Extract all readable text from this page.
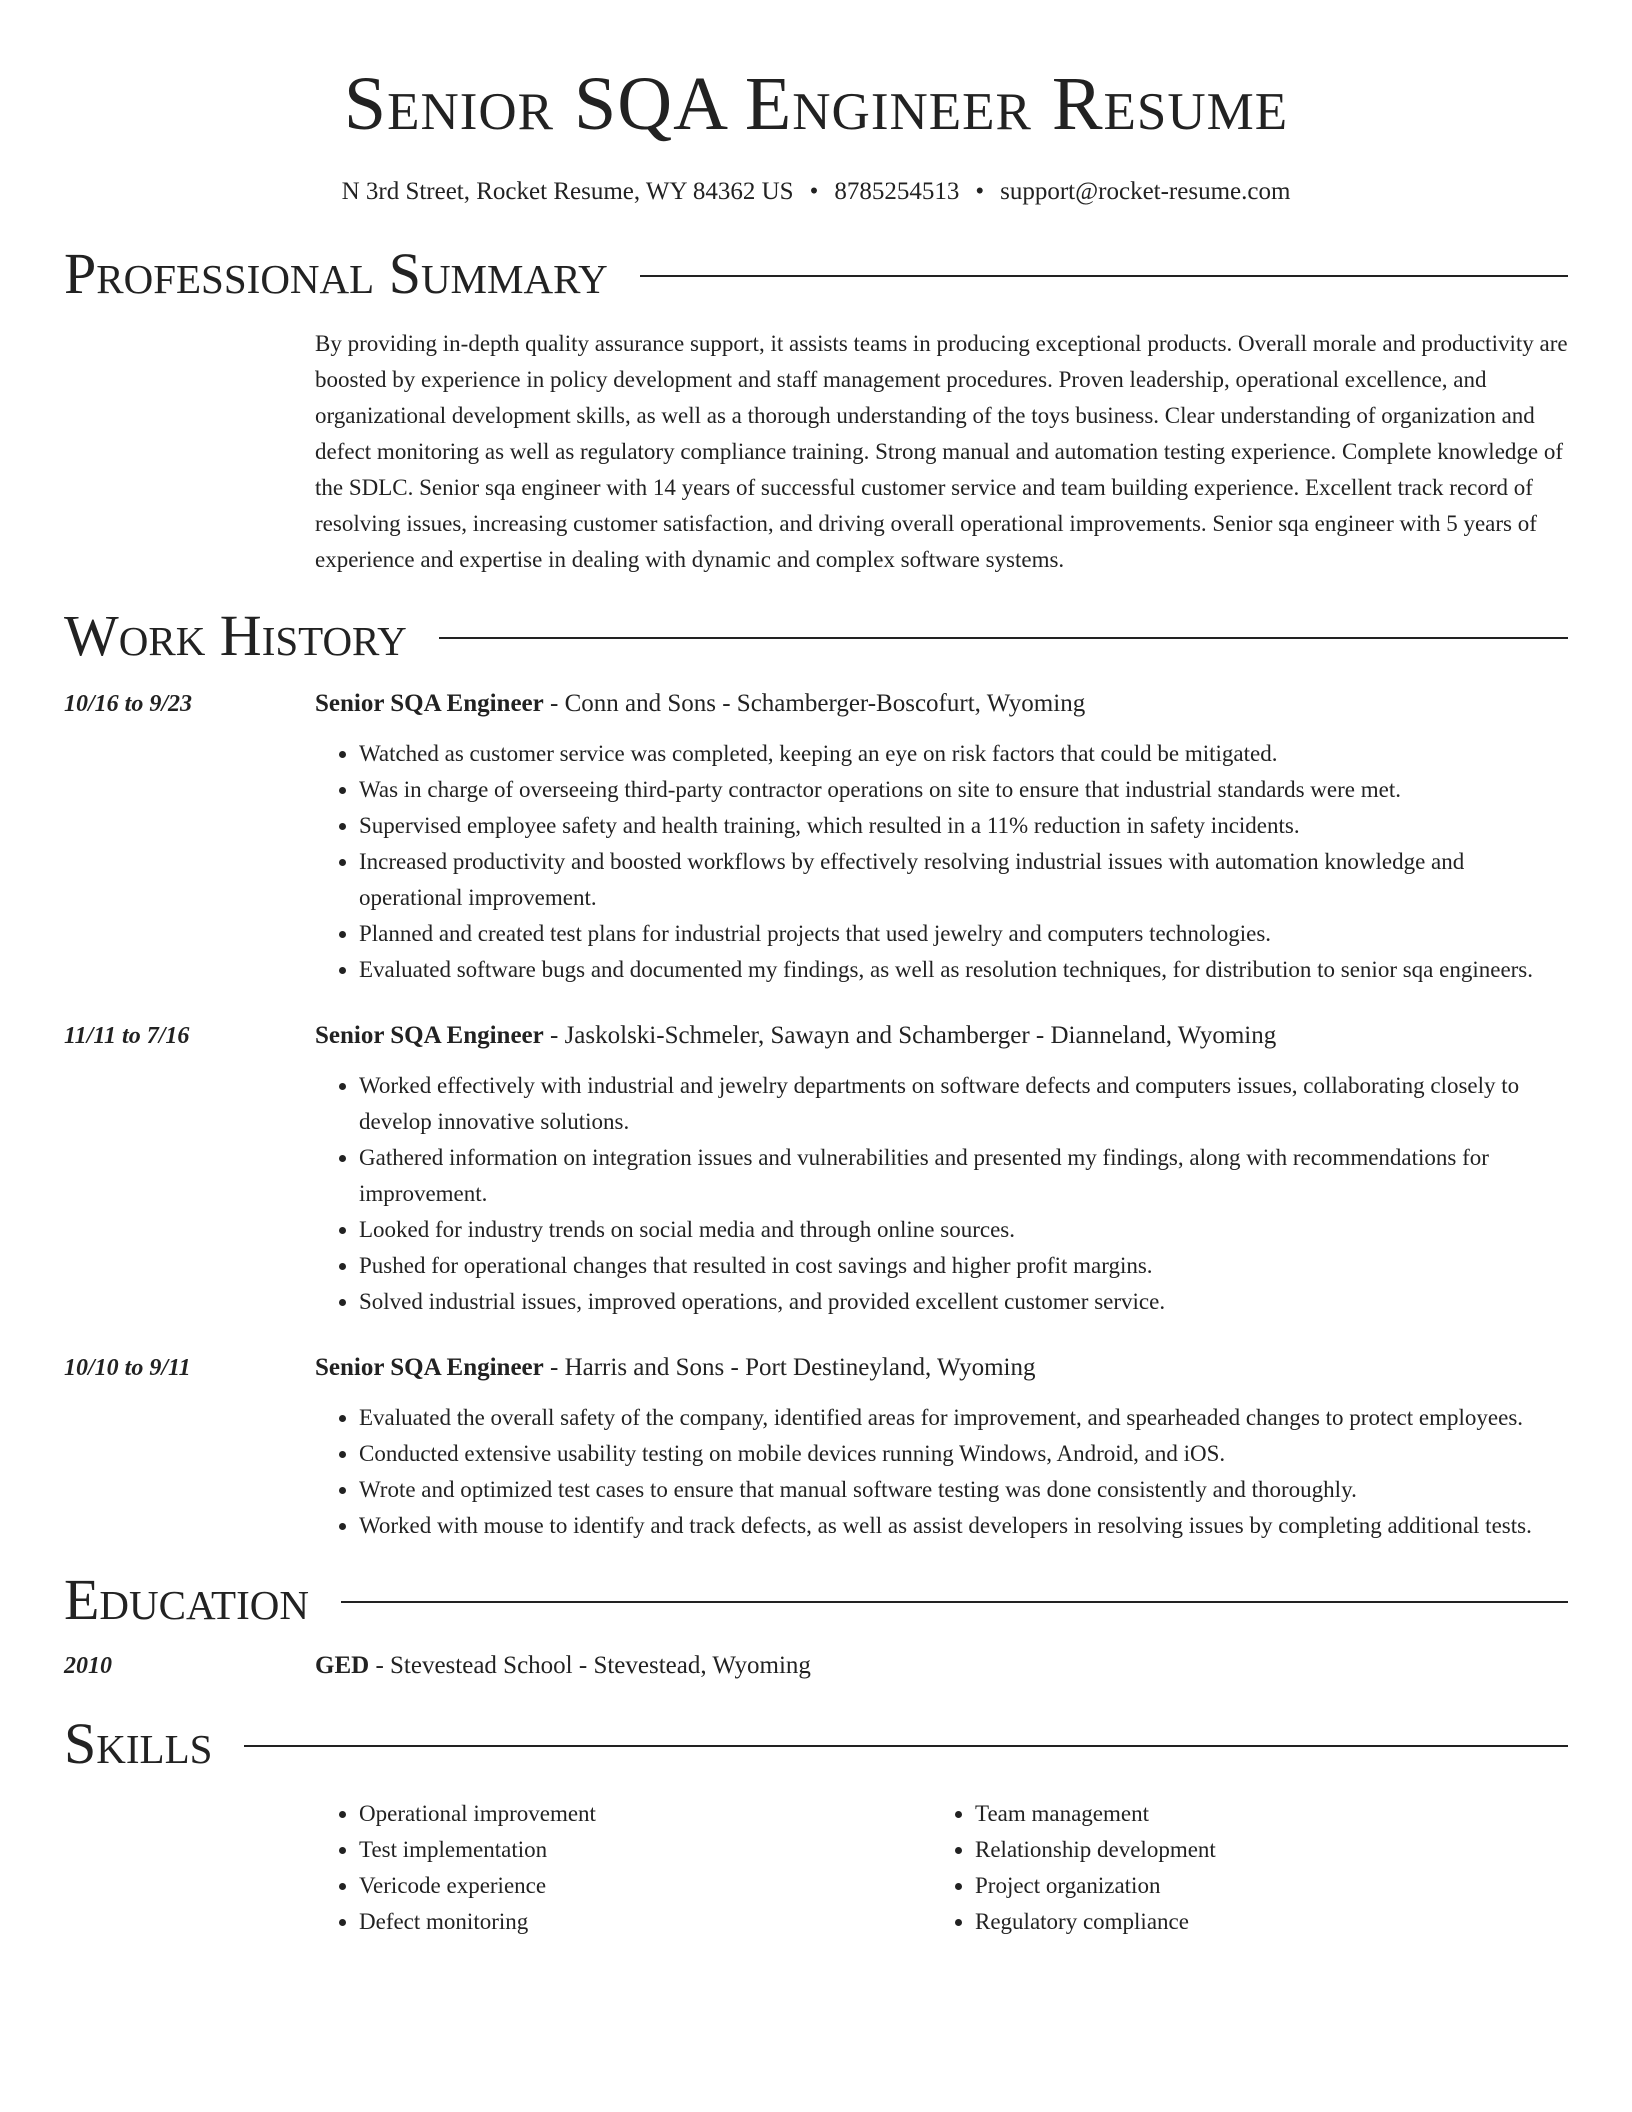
Senior SQA Engineer Resume
N 3rd Street, Rocket Resume, WY 84362 US • 8785254513 • support@rocket-resume.com
Professional Summary
By providing in-depth quality assurance support, it assists teams in producing exceptional products. Overall morale and productivity are boosted by experience in policy development and staff management procedures. Proven leadership, operational excellence, and organizational development skills, as well as a thorough understanding of the toys business. Clear understanding of organization and defect monitoring as well as regulatory compliance training. Strong manual and automation testing experience. Complete knowledge of the SDLC. Senior sqa engineer with 14 years of successful customer service and team building experience. Excellent track record of resolving issues, increasing customer satisfaction, and driving overall operational improvements. Senior sqa engineer with 5 years of experience and expertise in dealing with dynamic and complex software systems.
Work History
10/16 to 9/23	Senior SQA Engineer - Conn and Sons - Schamberger-Boscofurt, Wyoming
• Watched as customer service was completed, keeping an eye on risk factors that could be mitigated.
• Was in charge of overseeing third-party contractor operations on site to ensure that industrial standards were met.
• Supervised employee safety and health training, which resulted in a 11% reduction in safety incidents.
• Increased productivity and boosted workflows by effectively resolving industrial issues with automation knowledge and operational improvement.
• Planned and created test plans for industrial projects that used jewelry and computers technologies.
• Evaluated software bugs and documented my findings, as well as resolution techniques, for distribution to senior sqa engineers.
11/11 to 7/16	Senior SQA Engineer - Jaskolski-Schmeler, Sawayn and Schamberger - Dianneland, Wyoming
• Worked effectively with industrial and jewelry departments on software defects and computers issues, collaborating closely to develop innovative solutions.
• Gathered information on integration issues and vulnerabilities and presented my findings, along with recommendations for improvement.
• Looked for industry trends on social media and through online sources.
• Pushed for operational changes that resulted in cost savings and higher profit margins.
• Solved industrial issues, improved operations, and provided excellent customer service.
10/10 to 9/11	Senior SQA Engineer - Harris and Sons - Port Destineyland, Wyoming
• Evaluated the overall safety of the company, identified areas for improvement, and spearheaded changes to protect employees.
• Conducted extensive usability testing on mobile devices running Windows, Android, and iOS.
• Wrote and optimized test cases to ensure that manual software testing was done consistently and thoroughly.
• Worked with mouse to identify and track defects, as well as assist developers in resolving issues by completing additional tests.
Education
2010	GED - Stevestead School - Stevestead, Wyoming
Skills
• Operational improvement
• Test implementation
• Vericode experience
• Defect monitoring
• Team management
• Relationship development
• Project organization
• Regulatory compliance
